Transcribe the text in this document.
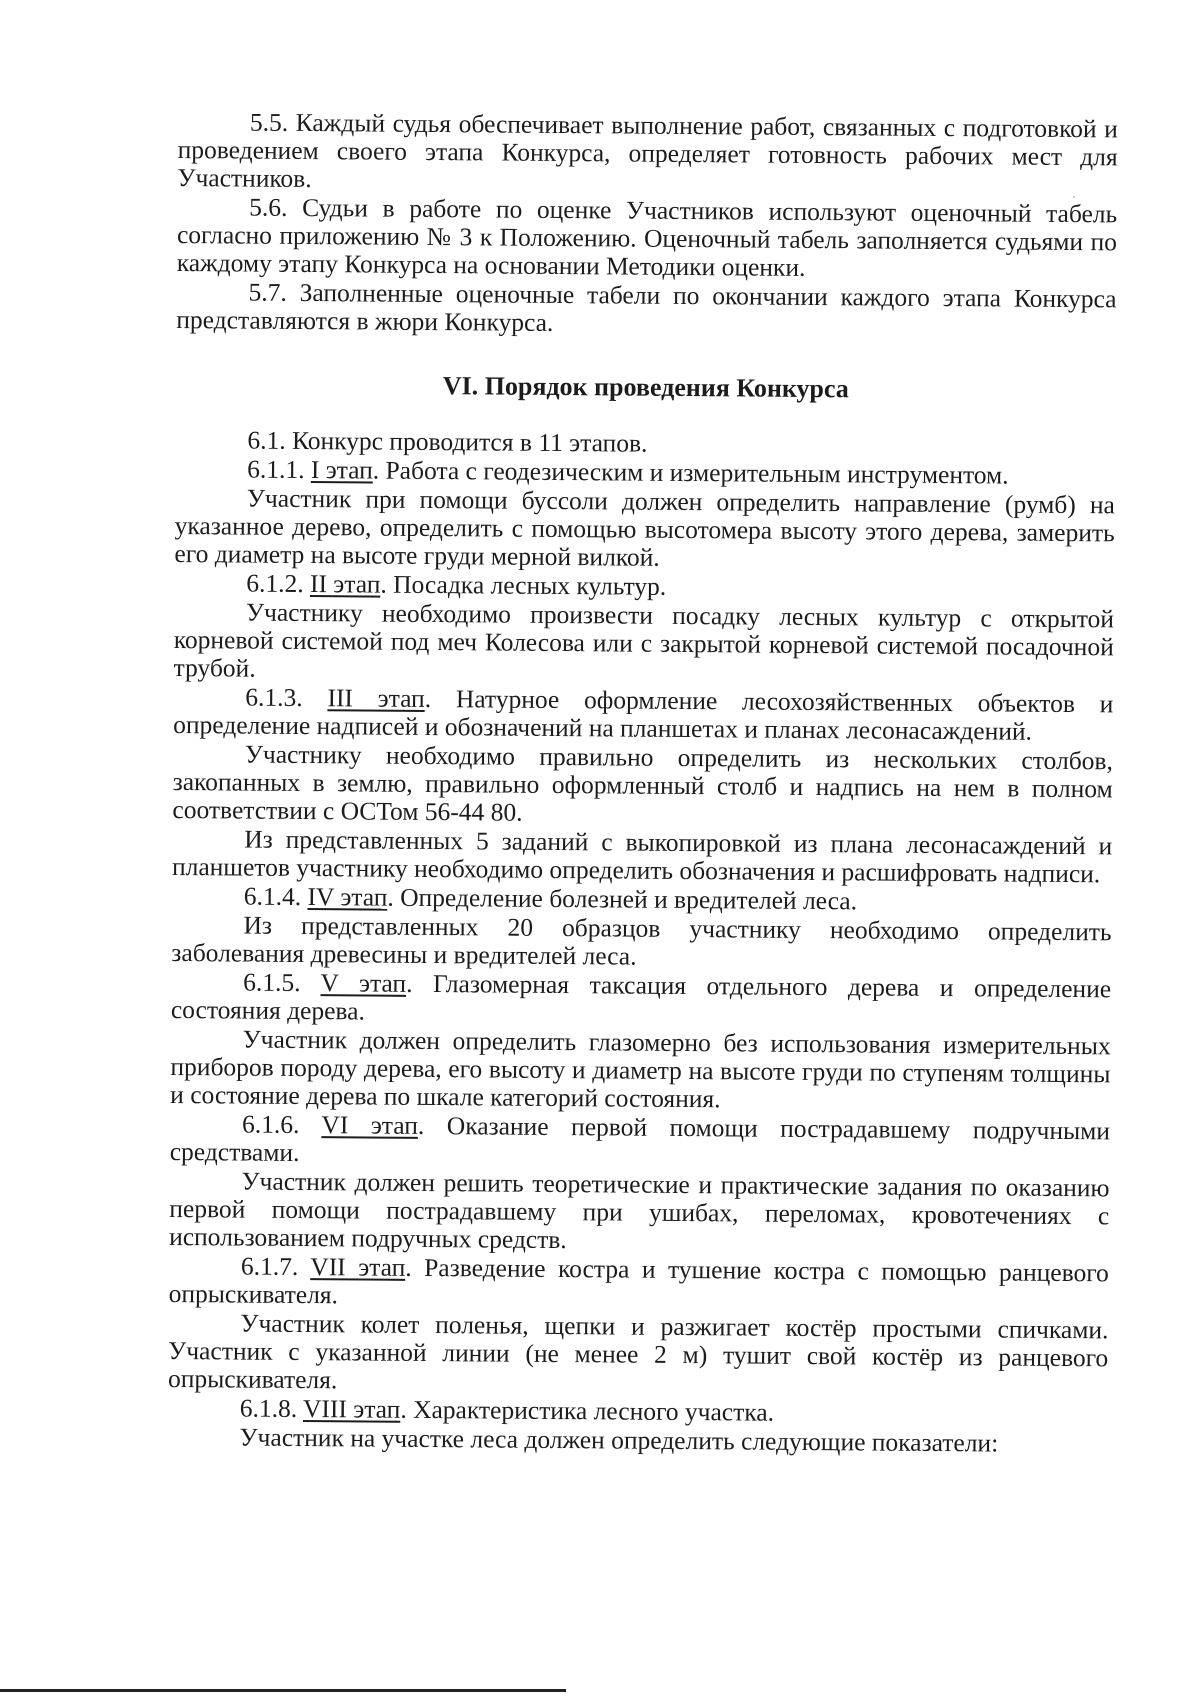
5.5. Каждый судья обеспечивает выполнение работ, связанных с подготовкой и проведением своего этапа Конкурса, определяет готовность рабочих мест для Участников.

5.6. Судьи в работе по оценке Участников используют оценочный табель согласно приложению № 3 к Положению. Оценочный табель заполняется судьями по каждому этапу Конкурса на основании Методики оценки.

5.7. Заполненные оценочные табели по окончании каждого этапа Конкурса представляются в жюри Конкурса.

VI. Порядок проведения Конкурса

6.1. Конкурс проводится в 11 этапов.

6.1.1. I этап. Работа с геодезическим и измерительным инструментом.

Участник при помощи буссоли должен определить направление (румб) на указанное дерево, определить с помощью высотомера высоту этого дерева, замерить его диаметр на высоте груди мерной вилкой.

6.1.2. II этап. Посадка лесных культур.

Участнику необходимо произвести посадку лесных культур с открытой корневой системой под меч Колесова или с закрытой корневой системой посадочной трубой.

6.1.3. III этап. Натурное оформление лесохозяйственных объектов и определение надписей и обозначений на планшетах и планах лесонасаждений.

Участнику необходимо правильно определить из нескольких столбов, закопанных в землю, правильно оформленный столб и надпись на нем в полном соответствии с ОСТом 56-44 80.

Из представленных 5 заданий с выкопировкой из плана лесонасаждений и планшетов участнику необходимо определить обозначения и расшифровать надписи.

6.1.4. IV этап. Определение болезней и вредителей леса.

Из представленных 20 образцов участнику необходимо определить заболевания древесины и вредителей леса.

6.1.5. V этап. Глазомерная таксация отдельного дерева и определение состояния дерева.

Участник должен определить глазомерно без использования измерительных приборов породу дерева, его высоту и диаметр на высоте груди по ступеням толщины и состояние дерева по шкале категорий состояния.

6.1.6. VI этап. Оказание первой помощи пострадавшему подручными средствами.

Участник должен решить теоретические и практические задания по оказанию первой помощи пострадавшему при ушибах, переломах, кровотечениях с использованием подручных средств.

6.1.7. VII этап. Разведение костра и тушение костра с помощью ранцевого опрыскивателя.

Участник колет поленья, щепки и разжигает костёр простыми спичками. Участник с указанной линии (не менее 2 м) тушит свой костёр из ранцевого опрыскивателя.

6.1.8. VIII этап. Характеристика лесного участка.

Участник на участке леса должен определить следующие показатели:
